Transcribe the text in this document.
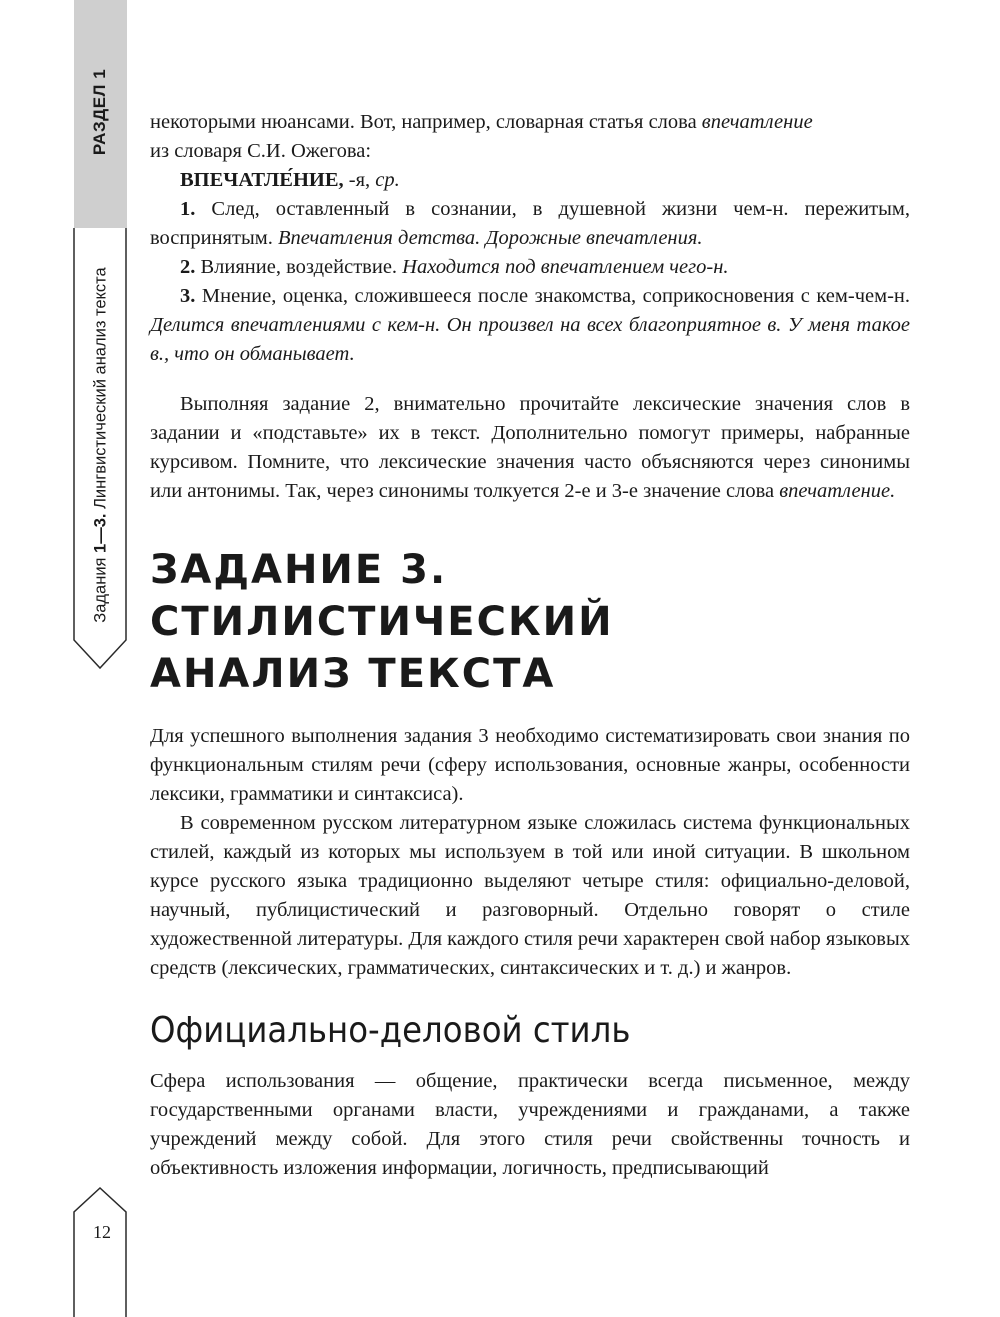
РАЗДЕЛ 1
Задания 1—3. Лингвистический анализ текста
12

некоторыми нюансами. Вот, например, словарная статья слова впечатление
из словаря С.И. Ожегова:

ВПЕЧАТЛЕ́НИЕ, -я, ср.

1. След, оставленный в сознании, в душевной жизни чем-н. пережитым, воспринятым. Впечатления детства. Дорожные впечатления.

2. Влияние, воздействие. Находится под впечатлением чего-н.

3. Мнение, оценка, сложившееся после знакомства, соприкосновения с кем-чем-н. Делится впечатлениями с кем-н. Он произвел на всех благоприятное в. У меня такое в., что он обманывает.

Выполняя задание 2, внимательно прочитайте лексические значения слов в задании и «подставьте» их в текст. Дополнительно помогут примеры, набранные курсивом. Помните, что лексические значения часто объясняются через синонимы или антонимы. Так, через синонимы толкуется 2-е и 3-е значение слова впечатление.

ЗАДАНИЕ 3.
СТИЛИСТИЧЕСКИЙ
АНАЛИЗ ТЕКСТА

Для успешного выполнения задания 3 необходимо систематизировать свои знания по функциональным стилям речи (сферу использования, основные жанры, особенности лексики, грамматики и синтаксиса).

В современном русском литературном языке сложилась система функциональных стилей, каждый из которых мы используем в той или иной ситуации. В школьном курсе русского языка традиционно выделяют четыре стиля: официально-деловой, научный, публицистический и разговорный. Отдельно говорят о стиле художественной литературы. Для каждого стиля речи характерен свой набор языковых средств (лексических, грамматических, синтаксических и т. д.) и жанров.

Официально-деловой стиль

Сфера использования — общение, практически всегда письменное, между государственными органами власти, учреждениями и гражданами, а также учреждений между собой. Для этого стиля речи свойственны точность и объективность изложения информации, логичность, предписывающий
